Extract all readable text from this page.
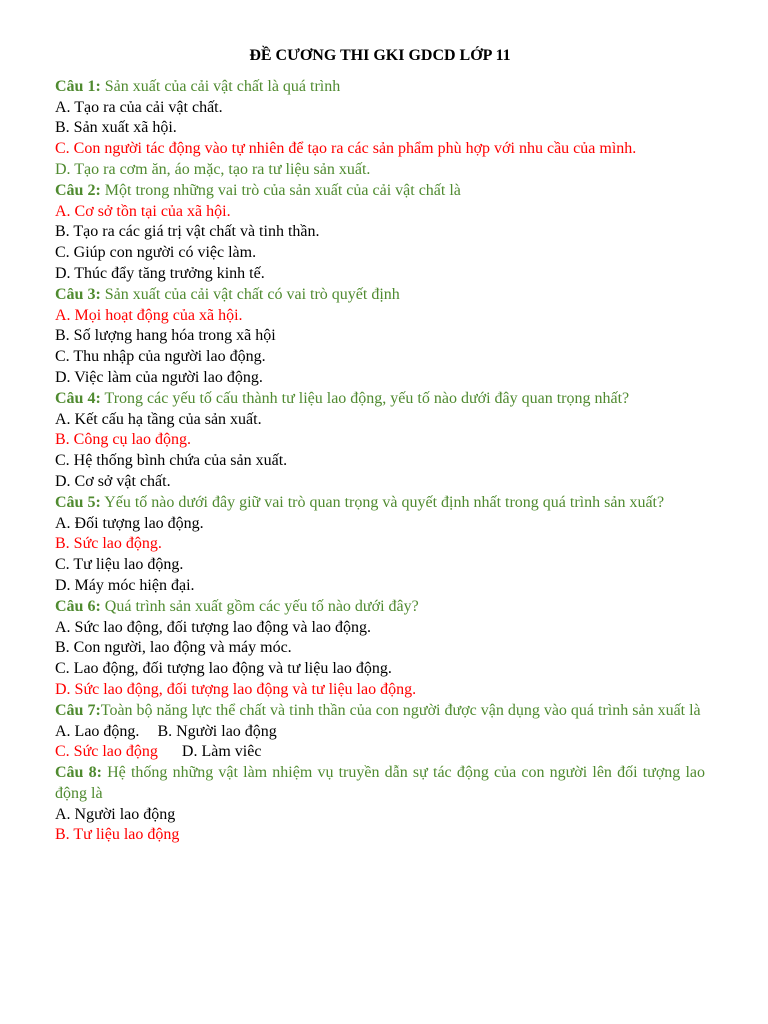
ĐỀ CƯƠNG THI GKI GDCD LỚP 11

Câu 1: Sản xuất của cải vật chất là quá trình

A. Tạo ra của cải vật chất.

B. Sản xuất xã hội.

C. Con người tác động vào tự nhiên để tạo ra các sản phẩm phù hợp với nhu cầu của mình.

D. Tạo ra cơm ăn, áo mặc, tạo ra tư liệu sản xuất.

Câu 2: Một trong những vai trò của sản xuất của cải vật chất là

A. Cơ sở tồn tại của xã hội.

B. Tạo ra các giá trị vật chất và tinh thần.

C. Giúp con người có việc làm.

D. Thúc đẩy tăng trưởng kinh tế.

Câu 3: Sản xuất của cải vật chất có vai trò quyết định

A. Mọi hoạt động của xã hội.

B. Số lượng hang hóa trong xã hội

C. Thu nhập của người lao động.

D. Việc làm của người lao động.

Câu 4: Trong các yếu tố cấu thành tư liệu lao động, yếu tố nào dưới đây quan trọng nhất?

A. Kết cấu hạ tầng của sản xuất.

B. Công cụ lao động.

C. Hệ thống bình chứa của sản xuất.

D. Cơ sở vật chất.

Câu 5: Yếu tố nào dưới đây giữ vai trò quan trọng và quyết định nhất trong quá trình sản xuất?

A. Đối tượng lao động.

B. Sức lao động.

C. Tư liệu lao động.

D. Máy móc hiện đại.

Câu 6: Quá trình sản xuất gồm các yếu tố nào dưới đây?

A. Sức lao động, đối tượng lao động và lao động.

B. Con người, lao động và máy móc.

C. Lao động, đối tượng lao động và tư liệu lao động.

D. Sức lao động, đối tượng lao động và tư liệu lao động.

Câu 7:Toàn bộ năng lực thể chất và tinh thần của con người được vận dụng vào quá trình sản xuất là

A. Lao động. B. Người lao động

C. Sức lao động D. Làm viêc

Câu 8: Hệ thống những vật làm nhiệm vụ truyền dẫn sự tác động của con người lên đối tượng lao động là

A. Người lao động

B. Tư liệu lao động
